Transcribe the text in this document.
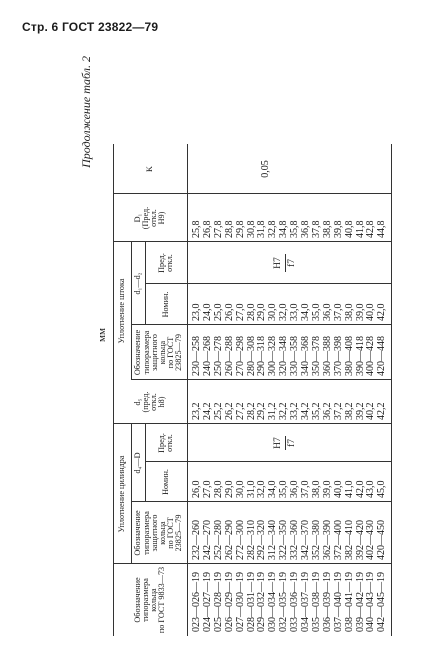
Стр. 6 ГОСТ 23822—79
Продолжение табл. 2
мм
Обозначение типоразмера кольца по ГОСТ 9833—73
Уплотнение цилиндра
Уплотнение штока
Обозначение типоразмера защитного кольца по ГОСТ 23825—79
d₄—D
Номин.
Пред. откл.
d₅ (пред. откл. h8)
Обозначение типоразмера защитного кольца по ГОСТ 23825—79
d₁—d₂
Номин.
Пред. откл.
D₁ (Пред. откл. Н9)
K
023—026—19
232—260
23,2
26,0
230—258
23,0
25,8
024—027—19
242—270
24,2
27,0
240—268
24,0
26,8
025—028—19
252—280
25,2
28,0
250—278
25,0
27,8
026—029—19
262—290
26,2
29,0
260—288
26,0
28,8
027—030—19
272—300
27,2
30,0
270—298
27,0
29,8
028—031—19
282—310
28,2
31,0
280—308
28,0
30,8
029—032—19
292—320
29,2
32,0
290—318
29,0
31,8
030—034—19
312—340
31,2
34,0
300—328
30,0
32,8
032—035—19
322—350
32,2
35,0
320—348
32,0
34,8
033—036—19
332—360
33,2
36,0
330—358
33,0
35,8
034—037—19
342—370
34,2
37,0
340—368
34,0
36,8
035—038—19
352—380
35,2
38,0
350—378
35,0
37,8
036—039—19
362—390
36,2
39,0
360—388
36,0
38,8
037—040—19
372—400
37,2
40,0
370—398
37,0
39,8
038—041—19
382—410
38,2
41,0
380—408
38,0
40,8
039—042—19
392—420
39,2
42,0
390—418
39,0
41,8
040—043—19
402—430
40,2
43,0
400—428
40,0
42,8
042—045—19
420—450
42,2
45,0
420—448
42,0
44,8
H7 f7
H7 f7
0,05
